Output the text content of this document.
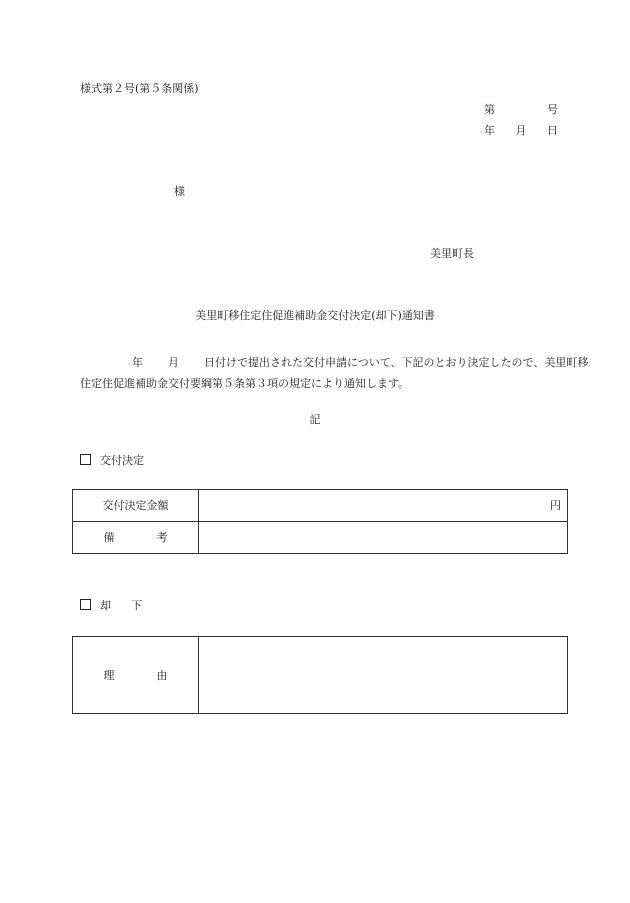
様式第２号(第５条関係)
第	号
年 月 日
様
美里町長
美里町移住定住促進補助金交付決定(却下)通知書
年 月 日付けで提出された交付申請について、下記のとおり決定したので、美里町移
住定住促進補助金交付要綱第５条第３項の規定により通知します。
記
交付決定
交付決定金額	円

備 考	

却 下
理	由
